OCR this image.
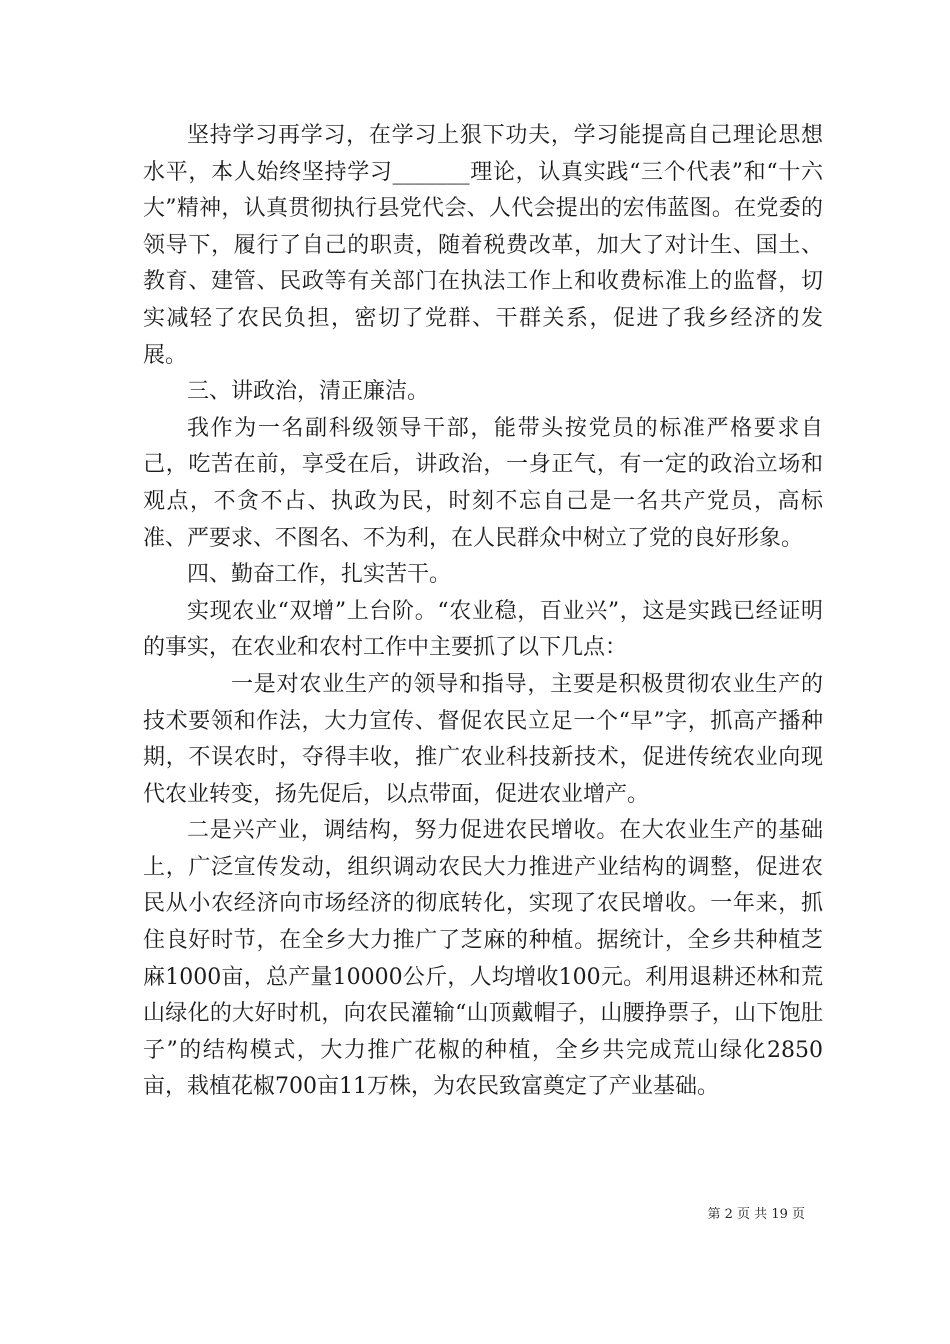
坚持学习再学习，在学习上狠下功夫，学习能提高自己理论思想水平，本人始终坚持学习_______理论，认真实践“三个代表”和“十六大”精神，认真贯彻执行县党代会、人代会提出的宏伟蓝图。在党委的领导下，履行了自己的职责，随着税费改革，加大了对计生、国土、教育、建管、民政等有关部门在执法工作上和收费标准上的监督，切实减轻了农民负担，密切了党群、干群关系，促进了我乡经济的发展。

三、讲政治，清正廉洁。

我作为一名副科级领导干部，能带头按党员的标准严格要求自己，吃苦在前，享受在后，讲政治，一身正气，有一定的政治立场和观点，不贪不占、执政为民，时刻不忘自己是一名共产党员，高标准、严要求、不图名、不为利，在人民群众中树立了党的良好形象。

四、勤奋工作，扎实苦干。

实现农业“双增”上台阶。“农业稳，百业兴”，这是实践已经证明的事实，在农业和农村工作中主要抓了以下几点：

一是对农业生产的领导和指导，主要是积极贯彻农业生产的技术要领和作法，大力宣传、督促农民立足一个“早”字，抓高产播种期，不误农时，夺得丰收，推广农业科技新技术，促进传统农业向现代农业转变，扬先促后，以点带面，促进农业增产。

二是兴产业，调结构，努力促进农民增收。在大农业生产的基础上，广泛宣传发动，组织调动农民大力推进产业结构的调整，促进农民从小农经济向市场经济的彻底转化，实现了农民增收。一年来，抓住良好时节，在全乡大力推广了芝麻的种植。据统计，全乡共种植芝麻1000亩，总产量10000公斤，人均增收100元。利用退耕还林和荒山绿化的大好时机，向农民灌输“山顶戴帽子，山腰挣票子，山下饱肚子”的结构模式，大力推广花椒的种植，全乡共完成荒山绿化2850亩，栽植花椒700亩11万株，为农民致富奠定了产业基础。

第 2 页 共 19 页
